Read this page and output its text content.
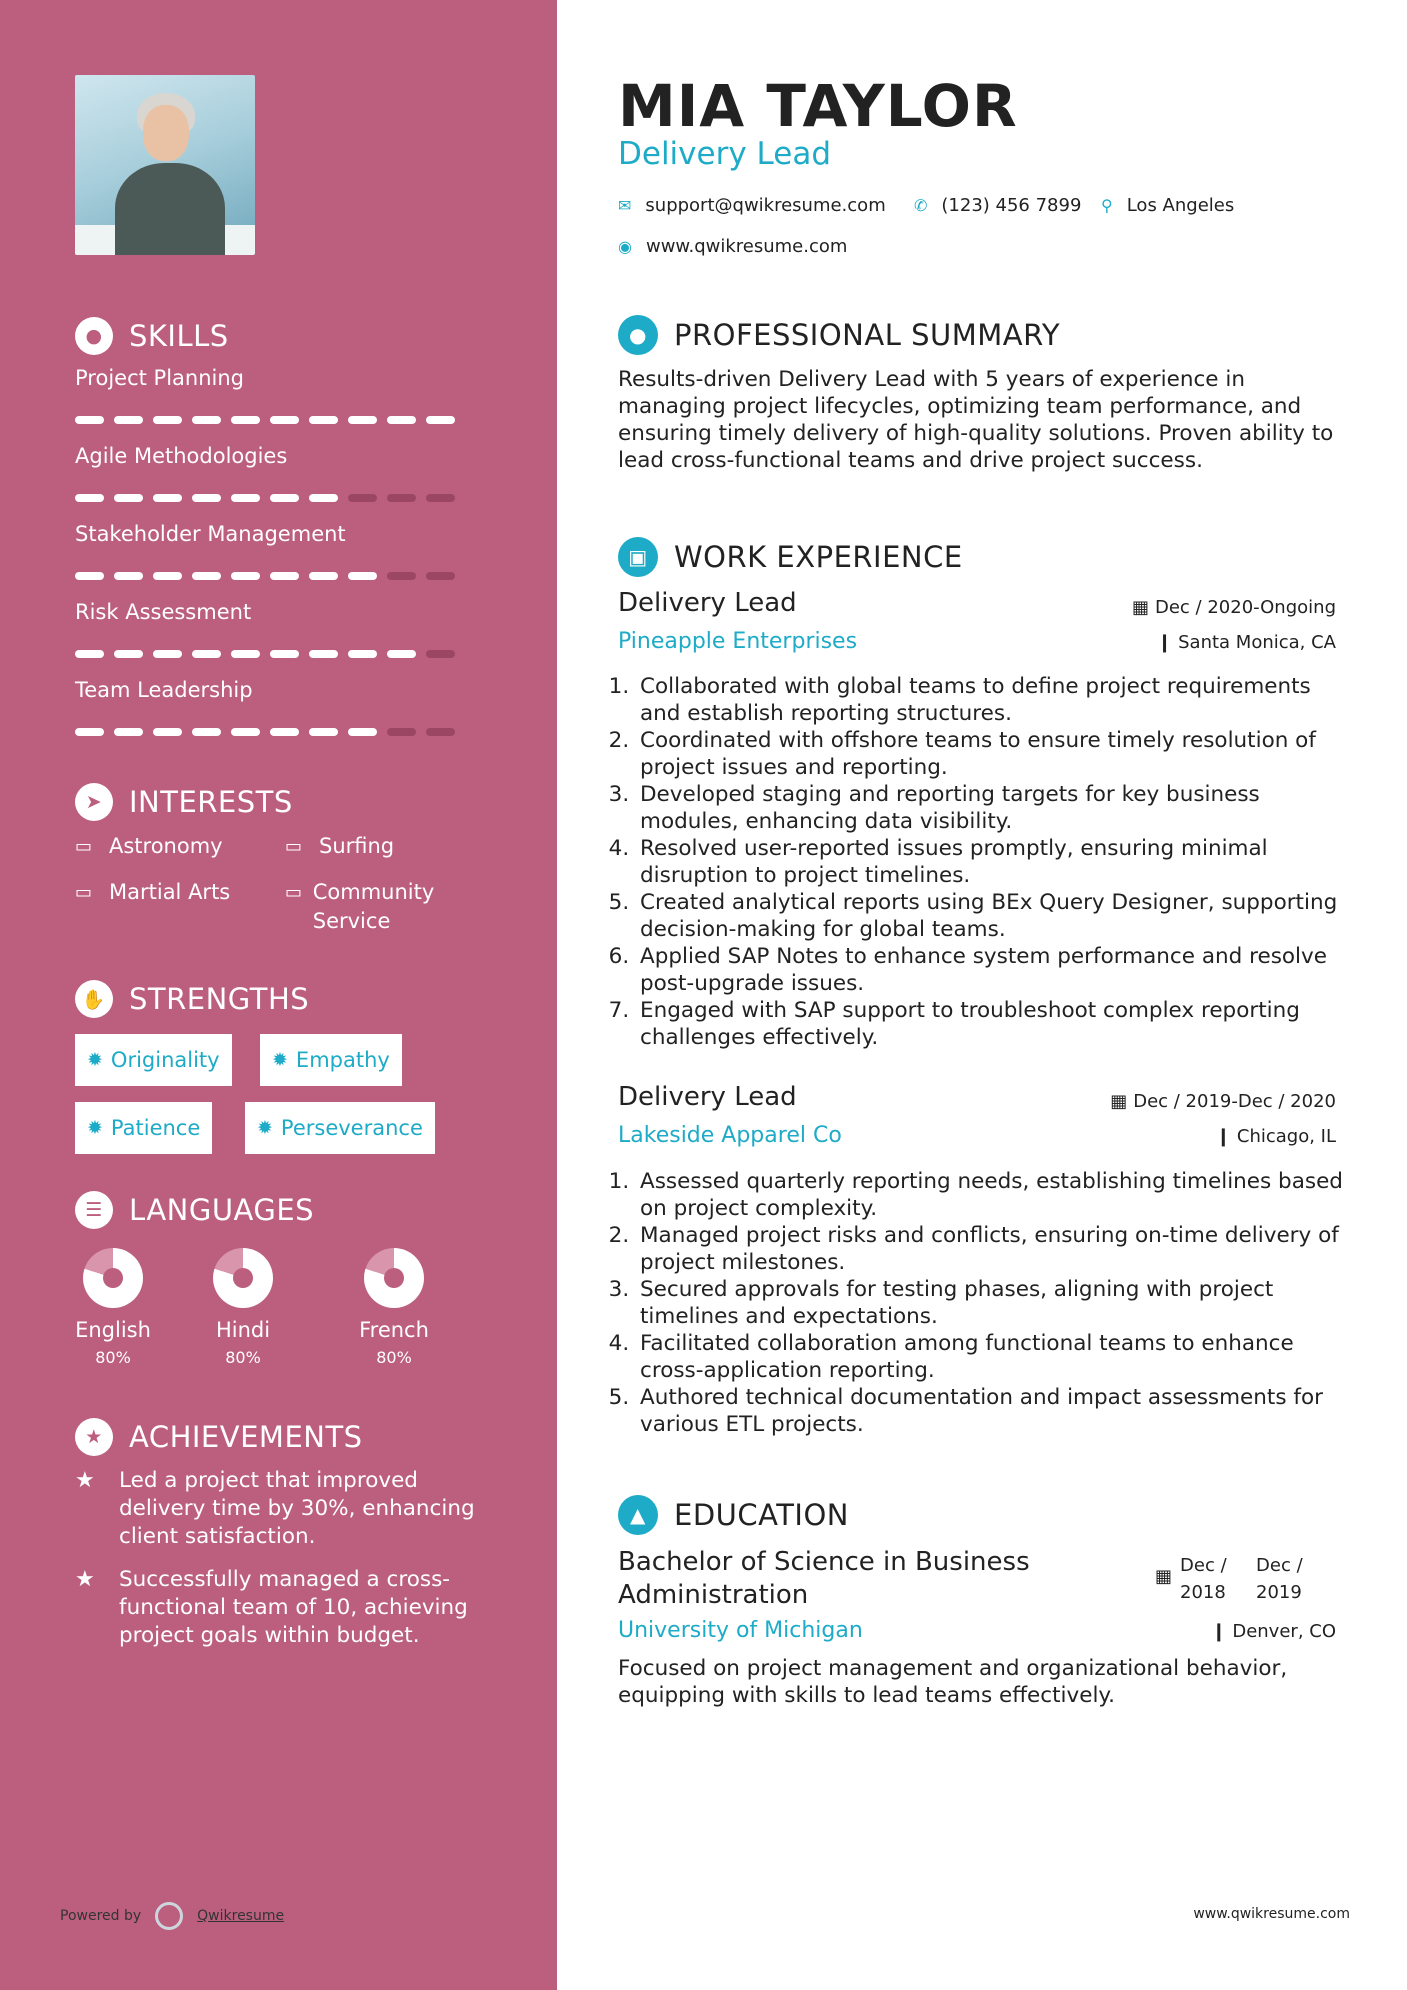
● SKILLS
➤ INTERESTS
▭ Astronomy	▭ Surfing
▭ Martial Arts	▭ Community Service
✋ STRENGTHS
✹ Originality	✹ Empathy
✹ Patience	✹ Perseverance
☰ LANGUAGES
English
80%
Hindi
80%
French
80%
★ ACHIEVEMENTS
★	Led a project that improved delivery time by 30%, enhancing client satisfaction.
★	Successfully managed a cross-functional team of 10, achieving project goals within budget.
Powered by	Qwikresume
Project Planning
Agile Methodologies
Stakeholder Management
Risk Assessment
Team Leadership
MIA TAYLOR
Delivery Lead
✉ support@qwikresume.com ✆ (123) 456 7899 ⚲ Los Angeles
◉ www.qwikresume.com
● PROFESSIONAL SUMMARY
Results-driven Delivery Lead with 5 years of experience in managing project lifecycles, optimizing team performance, and ensuring timely delivery of high-quality solutions. Proven ability to lead cross-functional teams and drive project success.
▣ WORK EXPERIENCE
Delivery Lead	▦ Dec / 2020-Ongoing
Pineapple Enterprises	❙ Santa Monica, CA
1. Collaborated with global teams to define project requirements and establish reporting structures.
2. Coordinated with offshore teams to ensure timely resolution of project issues and reporting.
3. Developed staging and reporting targets for key business modules, enhancing data visibility.
4. Resolved user-reported issues promptly, ensuring minimal disruption to project timelines.
5. Created analytical reports using BEx Query Designer, supporting decision-making for global teams.
6. Applied SAP Notes to enhance system performance and resolve post-upgrade issues.
7. Engaged with SAP support to troubleshoot complex reporting challenges effectively.
Delivery Lead	▦ Dec / 2019-Dec / 2020
Lakeside Apparel Co	❙ Chicago, IL
1. Assessed quarterly reporting needs, establishing timelines based on project complexity.
2. Managed project risks and conflicts, ensuring on-time delivery of project milestones.
3. Secured approvals for testing phases, aligning with project timelines and expectations.
4. Facilitated collaboration among functional teams to enhance cross-application reporting.
5. Authored technical documentation and impact assessments for various ETL projects.
▲ EDUCATION
Bachelor of Science in Business Administration
▦
Dec / 2018
Dec / 2019
University of Michigan	❙ Denver, CO
Focused on project management and organizational behavior, equipping with skills to lead teams effectively.
www.qwikresume.com
